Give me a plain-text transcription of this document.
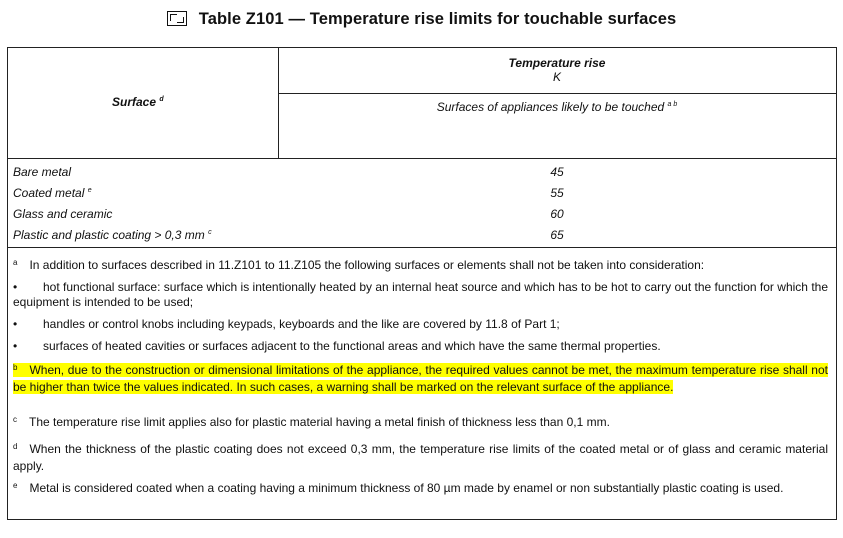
Table Z101 — Temperature rise limits for touchable surfaces
Surface $^d$
Temperature rise
K
Surfaces of appliances likely to be touched $^{a b}$
Bare metal	45
Coated metal $^e$	55
Glass and ceramic	60
Plastic and plastic coating > 0,3 mm $^c$	65
$^a$ In addition to surfaces described in 11.Z101 to 11.Z105 the following surfaces or elements shall not be taken into consideration:
• hot functional surface: surface which is intentionally heated by an internal heat source and which has to be hot to carry out the function for which the equipment is intended to be used;
• handles or control knobs including keypads, keyboards and the like are covered by 11.8 of Part 1;
• surfaces of heated cavities or surfaces adjacent to the functional areas and which have the same thermal properties.
$^b$ When, due to the construction or dimensional limitations of the appliance, the required values cannot be met, the maximum temperature rise shall not be higher than twice the values indicated. In such cases, a warning shall be marked on the relevant surface of the appliance.
$^c$ The temperature rise limit applies also for plastic material having a metal finish of thickness less than 0,1 mm.
$^d$ When the thickness of the plastic coating does not exceed 0,3 mm, the temperature rise limits of the coated metal or of glass and ceramic material apply.
$^e$ Metal is considered coated when a coating having a minimum thickness of 80 µm made by enamel or non substantially plastic coating is used.
